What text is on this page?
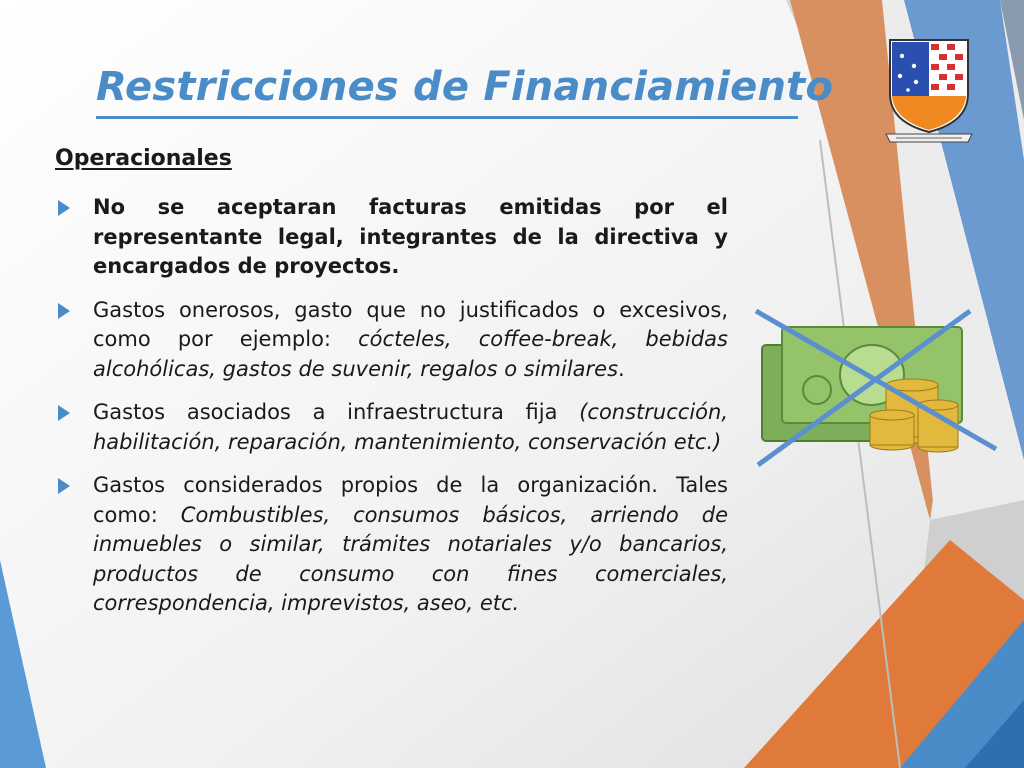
Restricciones de Financiamiento
Operacionales
No se aceptaran facturas emitidas por el representante legal, integrantes de la directiva y encargados de proyectos.
Gastos onerosos, gasto que no justificados o excesivos, como por ejemplo: cócteles, coffee-break, bebidas alcohólicas, gastos de suvenir, regalos o similares.
Gastos asociados a infraestructura fija (construcción, habilitación, reparación, mantenimiento, conservación etc.)
Gastos considerados propios de la organización. Tales como: Combustibles, consumos básicos, arriendo de inmuebles o similar, trámites notariales y/o bancarios, productos de consumo con fines comerciales, correspondencia, imprevistos, aseo, etc.
